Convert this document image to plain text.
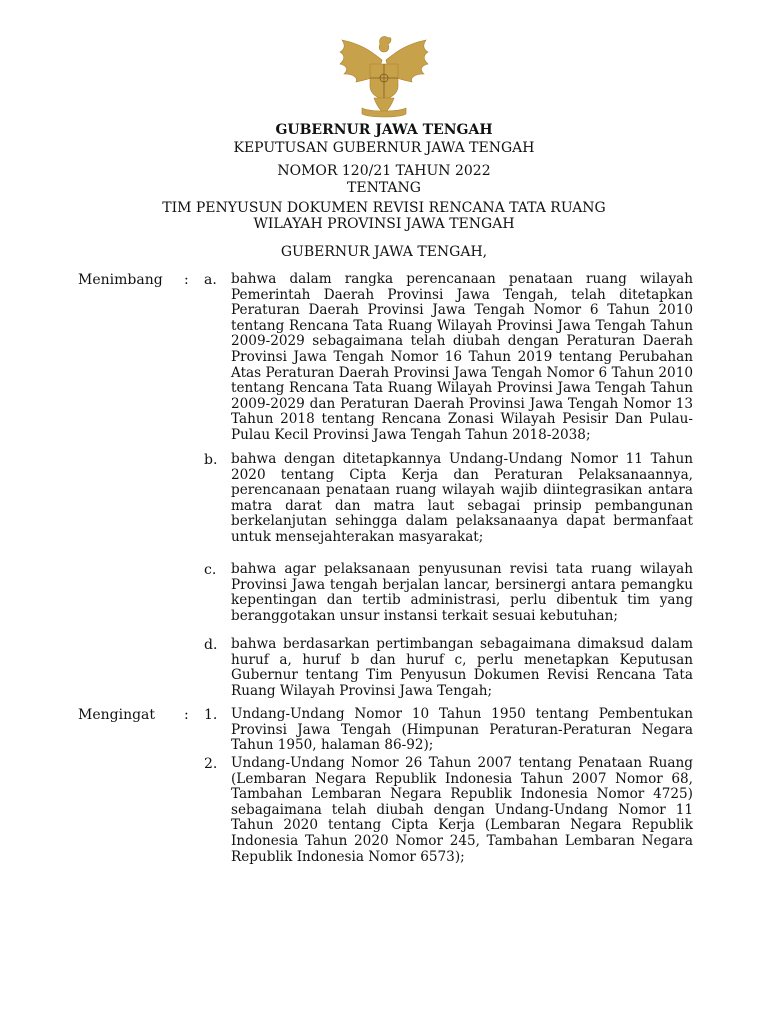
GUBERNUR JAWA TENGAH
KEPUTUSAN GUBERNUR JAWA TENGAH
NOMOR 120/21 TAHUN 2022
TENTANG
TIM PENYUSUN DOKUMEN REVISI RENCANA TATA RUANG
WILAYAH PROVINSI JAWA TENGAH
GUBERNUR JAWA TENGAH,
Menimbang : a. bahwa dalam rangka perencanaan penataan ruang wilayah Pemerintah Daerah Provinsi Jawa Tengah, telah ditetapkan Peraturan Daerah Provinsi Jawa Tengah Nomor 6 Tahun 2010 tentang Rencana Tata Ruang Wilayah Provinsi Jawa Tengah Tahun 2009-2029 sebagaimana telah diubah dengan Peraturan Daerah Provinsi Jawa Tengah Nomor 16 Tahun 2019 tentang Perubahan Atas Peraturan Daerah Provinsi Jawa Tengah Nomor 6 Tahun 2010 tentang Rencana Tata Ruang Wilayah Provinsi Jawa Tengah Tahun 2009-2029 dan Peraturan Daerah Provinsi Jawa Tengah Nomor 13 Tahun 2018 tentang Rencana Zonasi Wilayah Pesisir Dan Pulau-Pulau Kecil Provinsi Jawa Tengah Tahun 2018-2038;
b. bahwa dengan ditetapkannya Undang-Undang Nomor 11 Tahun 2020 tentang Cipta Kerja dan Peraturan Pelaksanaannya, perencanaan penataan ruang wilayah wajib diintegrasikan antara matra darat dan matra laut sebagai prinsip pembangunan berkelanjutan sehingga dalam pelaksanaanya dapat bermanfaat untuk mensejahterakan masyarakat;
c. bahwa agar pelaksanaan penyusunan revisi tata ruang wilayah Provinsi Jawa tengah berjalan lancar, bersinergi antara pemangku kepentingan dan tertib administrasi, perlu dibentuk tim yang beranggotakan unsur instansi terkait sesuai kebutuhan;
d. bahwa berdasarkan pertimbangan sebagaimana dimaksud dalam huruf a, huruf b dan huruf c, perlu menetapkan Keputusan Gubernur tentang Tim Penyusun Dokumen Revisi Rencana Tata Ruang Wilayah Provinsi Jawa Tengah;
Mengingat : 1. Undang-Undang Nomor 10 Tahun 1950 tentang Pembentukan Provinsi Jawa Tengah (Himpunan Peraturan-Peraturan Negara Tahun 1950, halaman 86-92);
2. Undang-Undang Nomor 26 Tahun 2007 tentang Penataan Ruang (Lembaran Negara Republik Indonesia Tahun 2007 Nomor 68, Tambahan Lembaran Negara Republik Indonesia Nomor 4725) sebagaimana telah diubah dengan Undang-Undang Nomor 11 Tahun 2020 tentang Cipta Kerja (Lembaran Negara Republik Indonesia Tahun 2020 Nomor 245, Tambahan Lembaran Negara Republik Indonesia Nomor 6573);
